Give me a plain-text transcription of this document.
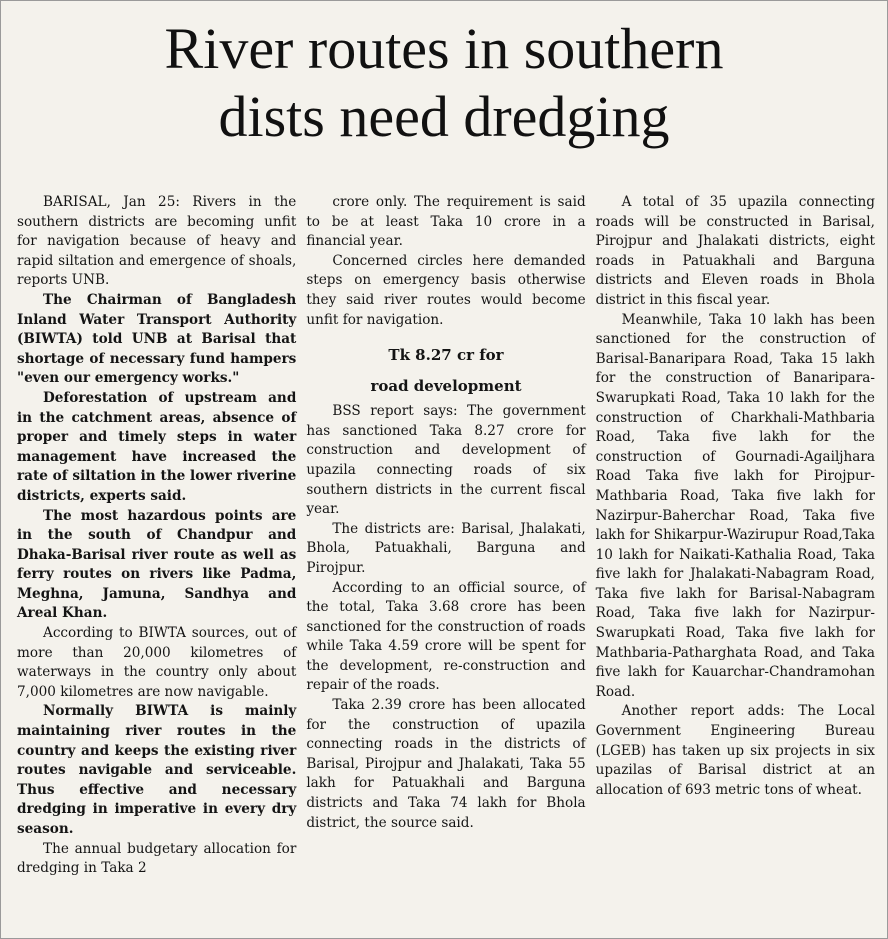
River routes in southern
dists need dredging

BARISAL, Jan 25: Rivers in the southern districts are becoming unfit for navigation because of heavy and rapid siltation and emergence of shoals, reports UNB.

The Chairman of Bangladesh Inland Water Transport Authority (BIWTA) told UNB at Barisal that shortage of necessary fund hampers "even our emergency works."

Deforestation of upstream and in the catchment areas, absence of proper and timely steps in water management have increased the rate of siltation in the lower riverine districts, experts said.

The most hazardous points are in the south of Chandpur and Dhaka-Barisal river route as well as ferry routes on rivers like Padma, Meghna, Jamuna, Sandhya and Areal Khan.

According to BIWTA sources, out of more than 20,000 kilometres of waterways in the country only about 7,000 kilometres are now navigable.

Normally BIWTA is mainly maintaining river routes in the country and keeps the existing river routes navigable and serviceable. Thus effective and necessary dredging in imperative in every dry season.

The annual budgetary allocation for dredging in Taka 2

crore only. The requirement is said to be at least Taka 10 crore in a financial year.

Concerned circles here demanded steps on emergency basis otherwise they said river routes would become unfit for navigation.

Tk 8.27 cr for
road development

BSS report says: The government has sanctioned Taka 8.27 crore for construction and development of upazila connecting roads of six southern districts in the current fiscal year.

The districts are: Barisal, Jhalakati, Bhola, Patuakhali, Barguna and Pirojpur.

According to an official source, of the total, Taka 3.68 crore has been sanctioned for the construction of roads while Taka 4.59 crore will be spent for the development, re-construction and repair of the roads.

Taka 2.39 crore has been allocated for the construction of upazila connecting roads in the districts of Barisal, Pirojpur and Jhalakati, Taka 55 lakh for Patuakhali and Barguna districts and Taka 74 lakh for Bhola district, the source said.

A total of 35 upazila connecting roads will be constructed in Barisal, Pirojpur and Jhalakati districts, eight roads in Patuakhali and Barguna districts and Eleven roads in Bhola district in this fiscal year.

Meanwhile, Taka 10 lakh has been sanctioned for the construction of Barisal-Banaripara Road, Taka 15 lakh for the construction of Banaripara-Swarupkati Road, Taka 10 lakh for the construction of Charkhali-Mathbaria Road, Taka five lakh for the construction of Gournadi-Agailjhara Road Taka five lakh for Pirojpur-Mathbaria Road, Taka five lakh for Nazirpur-Baherchar Road, Taka five lakh for Shikarpur-Wazirupur Road,Taka 10 lakh for Naikati-Kathalia Road, Taka five lakh for Jhalakati-Nabagram Road, Taka five lakh for Barisal-Nabagram Road, Taka five lakh for Nazirpur- Swarupkati Road, Taka five lakh for Mathbaria-Patharghata Road, and Taka five lakh for Kauarchar-Chandramohan Road.

Another report adds: The Local Government Engineering Bureau (LGEB) has taken up six projects in six upazilas of Barisal district at an allocation of 693 metric tons of wheat.
